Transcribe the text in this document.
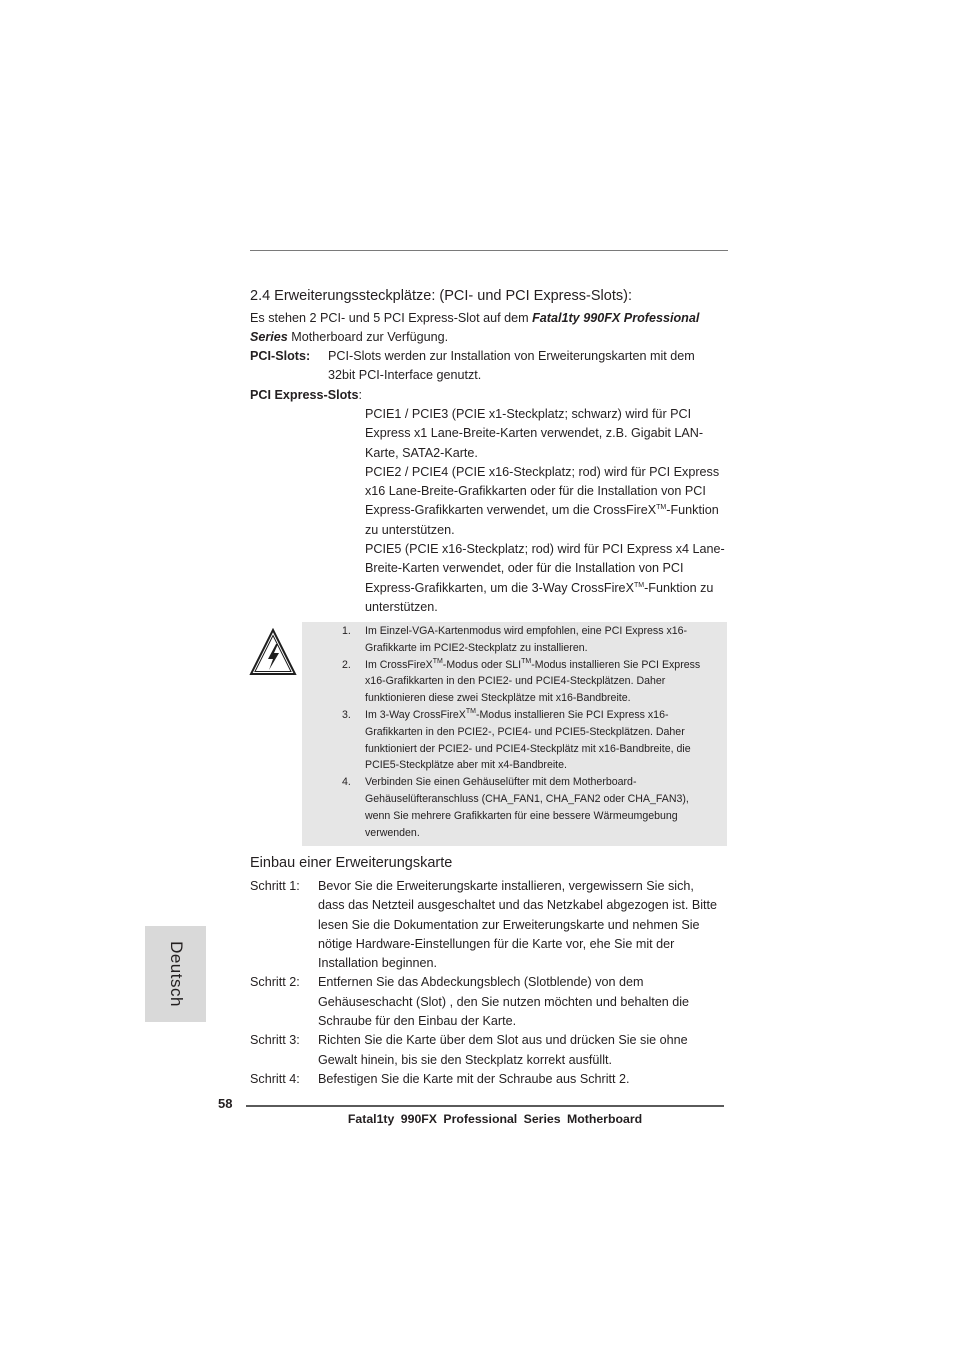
2.4 Erweiterungssteckplätze: (PCI- und PCI Express-Slots):
Es stehen 2 PCI- und 5 PCI Express-Slot auf dem Fatal1ty 990FX Professional Series Motherboard zur Verfügung.
PCI-Slots: PCI-Slots werden zur Installation von Erweiterungskarten mit dem 32bit PCI-Interface genutzt.
PCI Express-Slots:

PCIE1 / PCIE3 (PCIE x1-Steckplatz; schwarz) wird für PCI Express x1 Lane-Breite-Karten verwendet, z.B. Gigabit LAN-Karte, SATA2-Karte.

PCIE2 / PCIE4 (PCIE x16-Steckplatz; rod) wird für PCI Express x16 Lane-Breite-Grafikkarten oder für die Installation von PCI Express-Grafikkarten verwendet, um die CrossFireX™-Funktion zu unterstützen.

PCIE5 (PCIE x16-Steckplatz; rod) wird für PCI Express x4 Lane-Breite-Karten verwendet, oder für die Installation von PCI Express-Grafikkarten, um die 3-Way CrossFireX™-Funktion zu unterstützen.

1. Im Einzel-VGA-Kartenmodus wird empfohlen, eine PCI Express x16-Grafikkarte im PCIE2-Steckplatz zu installieren.
2. Im CrossFireX™-Modus oder SLI™-Modus installieren Sie PCI Express x16-Grafikkarten in den PCIE2- und PCIE4-Steckplätzen. Daher funktionieren diese zwei Steckplätze mit x16-Bandbreite.
3. Im 3-Way CrossFireX™-Modus installieren Sie PCI Express x16-Grafikkarten in den PCIE2-, PCIE4- und PCIE5-Steckplätzen. Daher funktioniert der PCIE2- und PCIE4-Steckplätz mit x16-Bandbreite, die PCIE5-Steckplätze aber mit x4-Bandbreite.
4. Verbinden Sie einen Gehäuselüfter mit dem Motherboard-Gehäuselüfteranschluss (CHA_FAN1, CHA_FAN2 oder CHA_FAN3), wenn Sie mehrere Grafikkarten für eine bessere Wärmeumgebung verwenden.
Einbau einer Erweiterungskarte
Schritt 1: Bevor Sie die Erweiterungskarte installieren, vergewissern Sie sich, dass das Netzteil ausgeschaltet und das Netzkabel abgezogen ist. Bitte lesen Sie die Dokumentation zur Erweiterungskarte und nehmen Sie nötige Hardware-Einstellungen für die Karte vor, ehe Sie mit der Installation beginnen.
Schritt 2: Entfernen Sie das Abdeckungsblech (Slotblende) von dem Gehäuseschacht (Slot) , den Sie nutzen möchten und behalten die Schraube für den Einbau der Karte.
Schritt 3: Richten Sie die Karte über dem Slot aus und drücken Sie sie ohne Gewalt hinein, bis sie den Steckplatz korrekt ausfüllt.
Schritt 4: Befestigen Sie die Karte mit der Schraube aus Schritt 2.
Deutsch
58
Fatal1ty 990FX Professional Series Motherboard
